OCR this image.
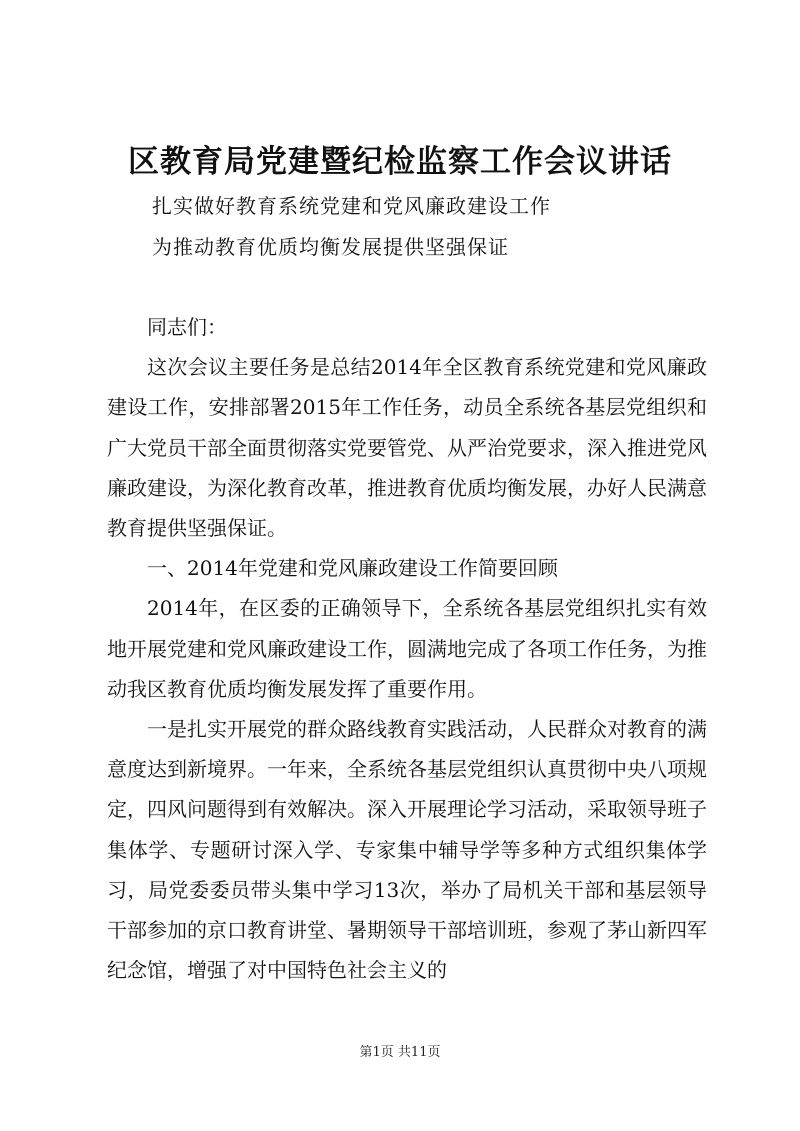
区教育局党建暨纪检监察工作会议讲话
扎实做好教育系统党建和党风廉政建设工作
为推动教育优质均衡发展提供坚强保证

同志们：

这次会议主要任务是总结2014年全区教育系统党建和党风廉政建设工作，安排部署2015年工作任务，动员全系统各基层党组织和广大党员干部全面贯彻落实党要管党、从严治党要求，深入推进党风廉政建设，为深化教育改革，推进教育优质均衡发展，办好人民满意教育提供坚强保证。

一、2014年党建和党风廉政建设工作简要回顾

2014年，在区委的正确领导下，全系统各基层党组织扎实有效地开展党建和党风廉政建设工作，圆满地完成了各项工作任务，为推动我区教育优质均衡发展发挥了重要作用。

一是扎实开展党的群众路线教育实践活动，人民群众对教育的满意度达到新境界。一年来，全系统各基层党组织认真贯彻中央八项规定，四风问题得到有效解决。深入开展理论学习活动，采取领导班子集体学、专题研讨深入学、专家集中辅导学等多种方式组织集体学习，局党委委员带头集中学习13次，举办了局机关干部和基层领导干部参加的京口教育讲堂、暑期领导干部培训班，参观了茅山新四军纪念馆，增强了对中国特色社会主义的

第1页 共11页
